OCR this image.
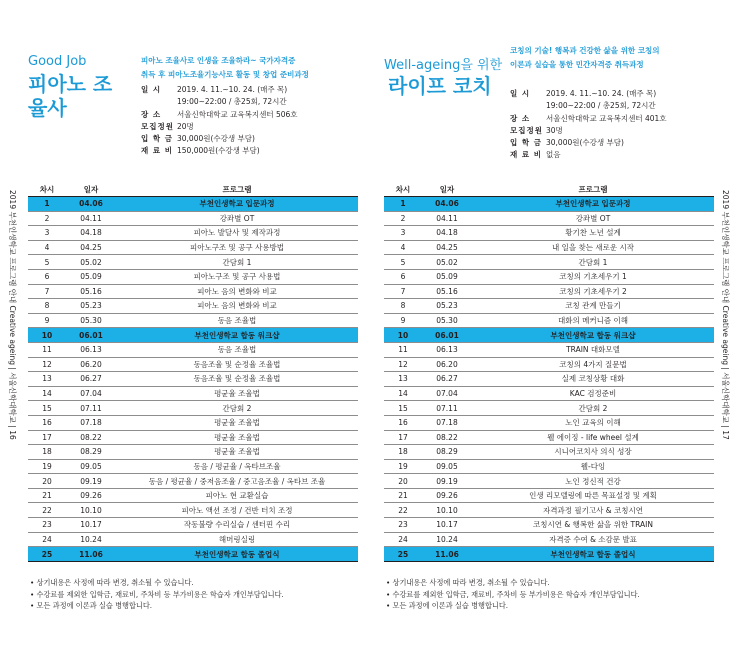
Good Job
피아노 조율사
피아노 조율사로 인생을 조율하라~ 국가자격증
취득 후 피아노조율기능사로 활동 및 창업 준비과정
일 시	2019. 4. 11.~10. 24. (매주 목)
19:00~22:00 / 총25회, 72시간
장 소	서울신학대학교 교육복지센터 506호
모집정원 20명
입 학 금 30,000원(수강생 부담)
재 료 비 150,000원(수강생 부담)
차시	일자	프로그램
1	04.06	부천인생학교 입문과정
2	04.11	강좌별 OT
3	04.18	피아노 발달사 및 제작과정
4	04.25	피아노구조 및 공구 사용방법
5	05.02	간담회 1
6	05.09	피아노구조 및 공구 사용법
7	05.16	피아노 음의 변화와 비교
8	05.23	피아노 음의 변화와 비교
9	05.30	동음 조율법
10	06.01	부천인생학교 합동 워크샵
11	06.13	동음 조율법
12	06.20	동음조율 및 순정율 조율법
13	06.27	동음조율 및 순정율 조율법
14	07.04	평균율 조율법
15	07.11	간담회 2
16	07.18	평균율 조율법
17	08.22	평균율 조율법
18	08.29	평균율 조율법
19	09.05	동음 / 평균율 / 옥타브조율
20	09.19	동음 / 평균율 / 중저음조율 / 중고음조율 / 옥타브 조율
21	09.26	피아노 현 교환실습
22	10.10	피아노 액션 조정 / 건반 터치 조정
23	10.17	작동불량 수리실습 / 센터핀 수리
24	10.24	해머링실링
25	11.06	부천인생학교 합동 졸업식
• 상기내용은 사정에 따라 변경, 취소될 수 있습니다.
• 수강료를 제외한 입학금, 재료비, 주차비 등 부가비용은 학습자 개인부담입니다.
• 모든 과정에 이론과 실습 병행합니다.
Well-ageing을 위한
라이프 코치
코칭의 기술! 행복과 건강한 삶을 위한 코칭의
이론과 실습을 통한 민간자격증 취득과정
일 시	2019. 4. 11.~10. 24. (매주 목)
19:00~22:00 / 총25회, 72시간
장 소	서울신학대학교 교육복지센터 401호
모집정원 30명
입 학 금 30,000원(수강생 부담)
재 료 비 없음
차시	일자	프로그램
1	04.06	부천인생학교 입문과정
2	04.11	강좌별 OT
3	04.18	황기찬 노년 설계
4	04.25	내 일을 찾는 새로운 시작
5	05.02	간담회 1
6	05.09	코칭의 기초세우기 1
7	05.16	코칭의 기초세우기 2
8	05.23	코칭 관계 만들기
9	05.30	대화의 메커니즘 이해
10	06.01	부천인생학교 합동 워크샵
11	06.13	TRAIN 대화모델
12	06.20	코칭의 4가지 질문법
13	06.27	실제 코칭상황 대화
14	07.04	KAC 검정준비
15	07.11	간담회 2
16	07.18	노인 교육의 이해
17	08.22	웰 에이징 - life wheel 설계
18	08.29	시니어코치사 의식 성장
19	09.05	웰-다잉
20	09.19	노인 정신적 건강
21	09.26	인생 리모델링에 따른 목표설정 및 계획
22	10.10	자격과정 필기고사 & 코칭시연
23	10.17	코칭시연 & 행복한 삶을 위한 TRAIN
24	10.24	자격증 수여 & 소감문 발표
25	11.06	부천인생학교 합동 졸업식
• 상기내용은 사정에 따라 변경, 취소될 수 있습니다.
• 수강료를 제외한 입학금, 재료비, 주차비 등 부가비용은 학습자 개인부담입니다.
• 모든 과정에 이론과 실습 병행합니다.
2019 부천인생학교 프로그램 안내 Creative ageing | 서울신학대학교 | 16	2019 부천인생학교 프로그램 안내 Creative ageing | 서울신학대학교 | 17
